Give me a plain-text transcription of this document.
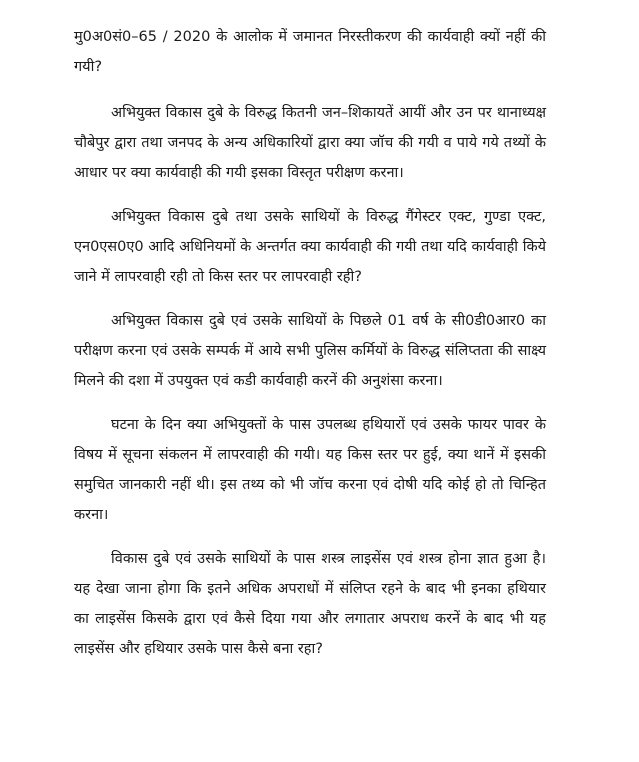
मु0अ0सं0–65 / 2020 के आलोक में जमानत निरस्तीकरण की कार्यवाही क्यों नहीं की गयी?

अभियुक्त विकास दुबे के विरुद्ध कितनी जन–शिकायतें आयीं और उन पर थानाध्यक्ष चौबेपुर द्वारा तथा जनपद के अन्य अधिकारियों द्वारा क्या जॉच की गयी व पाये गये तथ्यों के आधार पर क्या कार्यवाही की गयी इसका विस्तृत परीक्षण करना।

अभियुक्त विकास दुबे तथा उसके साथियों के विरुद्ध गैंगेस्टर एक्ट, गुण्डा एक्ट, एन0एस0ए0 आदि अधिनियमों के अन्तर्गत क्या कार्यवाही की गयी तथा यदि कार्यवाही किये जाने में लापरवाही रही तो किस स्तर पर लापरवाही रही?

अभियुक्त विकास दुबे एवं उसके साथियों के पिछले 01 वर्ष के सी0डी0आर0 का परीक्षण करना एवं उसके सम्पर्क में आये सभी पुलिस कर्मियों के विरुद्ध संलिप्तता की साक्ष्य मिलने की दशा में उपयुक्त एवं कडी कार्यवाही करनें की अनुशंसा करना।

घटना के दिन क्या अभियुक्तों के पास उपलब्ध हथियारों एवं उसके फायर पावर के विषय में सूचना संकलन में लापरवाही की गयी। यह किस स्तर पर हुई, क्या थानें में इसकी समुचित जानकारी नहीं थी। इस तथ्य को भी जॉच करना एवं दोषी यदि कोई हो तो चिन्हित करना।

विकास दुबे एवं उसके साथियों के पास शस्त्र लाइसेंस एवं शस्त्र होना ज्ञात हुआ है। यह देखा जाना होगा कि इतने अधिक अपराधों में संलिप्त रहने के बाद भी इनका हथियार का लाइसेंस किसके द्वारा एवं कैसे दिया गया और लगातार अपराध करनें के बाद भी यह लाइसेंस और हथियार उसके पास कैसे बना रहा?
